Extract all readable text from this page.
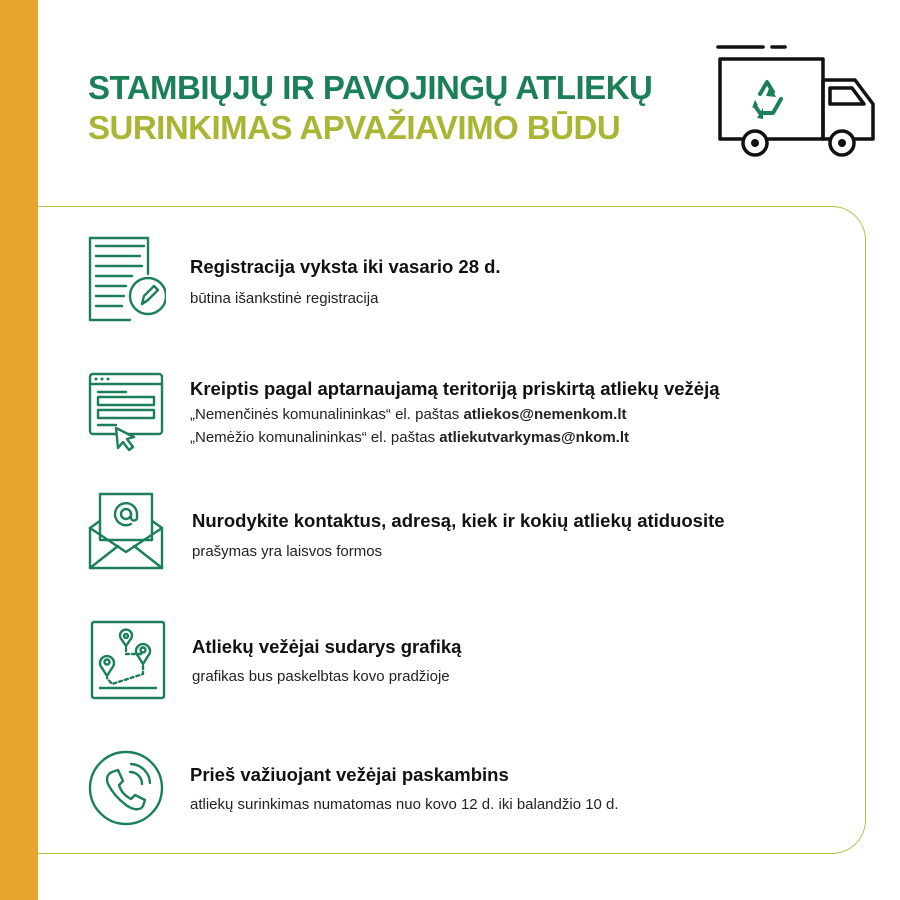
STAMBIŲJŲ IR PAVOJINGŲ ATLIEKŲ
SURINKIMAS APVAŽIAVIMO BŪDU
Registracija vyksta iki vasario 28 d.
būtina išankstinė registracija
Kreiptis pagal aptarnaujamą teritoriją priskirtą atliekų vežėją
„Nemenčinės komunalininkas“ el. paštas atliekos@nemenkom.lt
„Nemėžio komunalininkas“ el. paštas atliekutvarkymas@nkom.lt
Nurodykite kontaktus, adresą, kiek ir kokių atliekų atiduosite
prašymas yra laisvos formos
Atliekų vežėjai sudarys grafiką
grafikas bus paskelbtas kovo pradžioje
Prieš važiuojant vežėjai paskambins
atliekų surinkimas numatomas nuo kovo 12 d. iki balandžio 10 d.
